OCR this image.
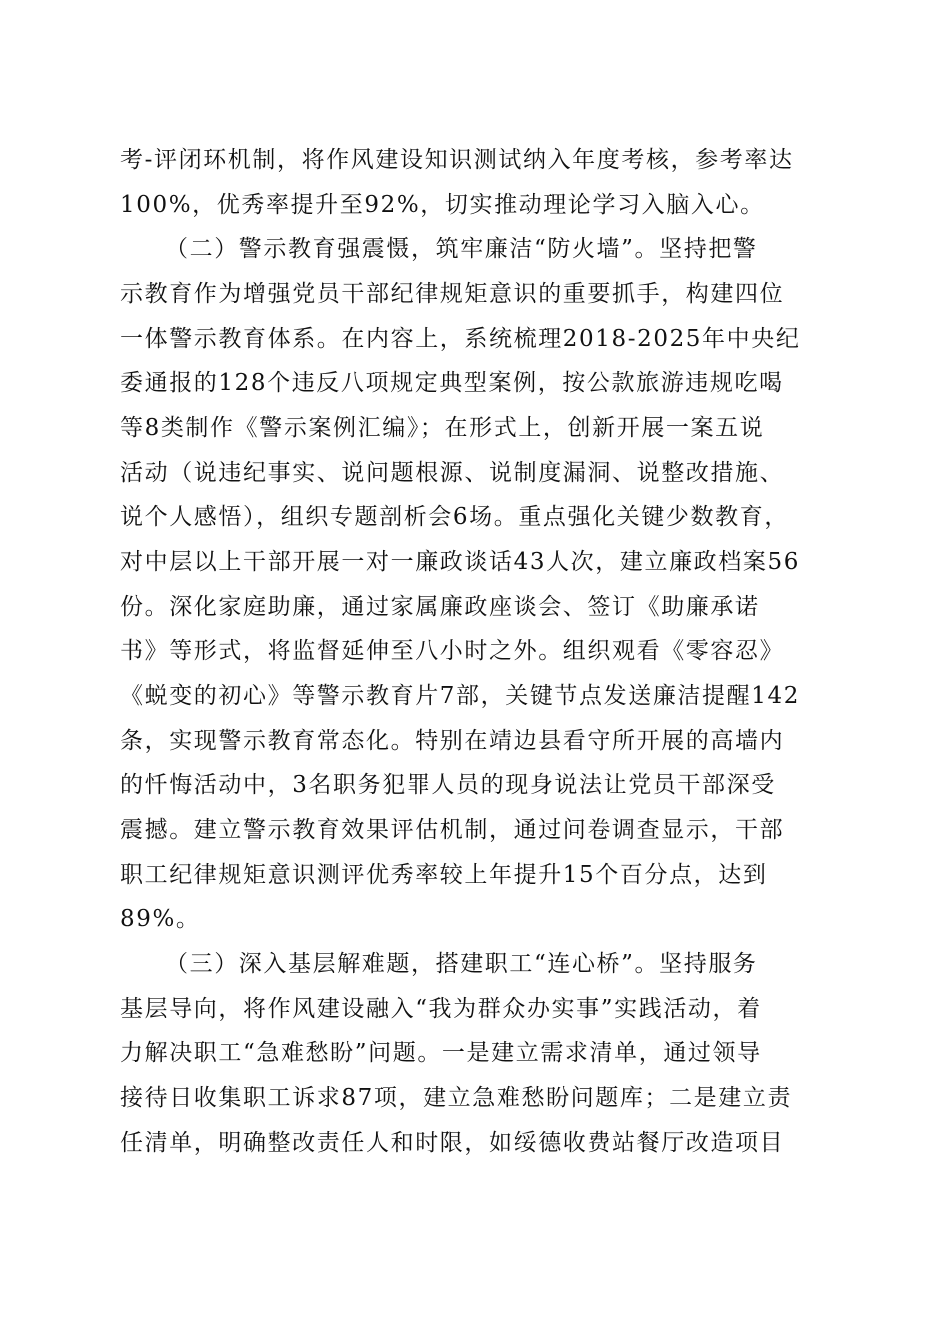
考-评闭环机制，将作风建设知识测试纳入年度考核，参考率达
100%，优秀率提升至92%，切实推动理论学习入脑入心。
（二）警示教育强震慑，筑牢廉洁“防火墙”。坚持把警
示教育作为增强党员干部纪律规矩意识的重要抓手，构建四位
一体警示教育体系。在内容上，系统梳理2018-2025年中央纪
委通报的128个违反八项规定典型案例，按公款旅游违规吃喝
等8类制作《警示案例汇编》；在形式上，创新开展一案五说
活动（说违纪事实、说问题根源、说制度漏洞、说整改措施、
说个人感悟），组织专题剖析会6场。重点强化关键少数教育，
对中层以上干部开展一对一廉政谈话43人次，建立廉政档案56
份。深化家庭助廉，通过家属廉政座谈会、签订《助廉承诺
书》等形式，将监督延伸至八小时之外。组织观看《零容忍》
《蜕变的初心》等警示教育片7部，关键节点发送廉洁提醒142
条，实现警示教育常态化。特别在靖边县看守所开展的高墙内
的忏悔活动中，3名职务犯罪人员的现身说法让党员干部深受
震撼。建立警示教育效果评估机制，通过问卷调查显示，干部
职工纪律规矩意识测评优秀率较上年提升15个百分点，达到
89%。
（三）深入基层解难题，搭建职工“连心桥”。坚持服务
基层导向，将作风建设融入“我为群众办实事”实践活动，着
力解决职工“急难愁盼”问题。一是建立需求清单，通过领导
接待日收集职工诉求87项，建立急难愁盼问题库；二是建立责
任清单，明确整改责任人和时限，如绥德收费站餐厅改造项目
